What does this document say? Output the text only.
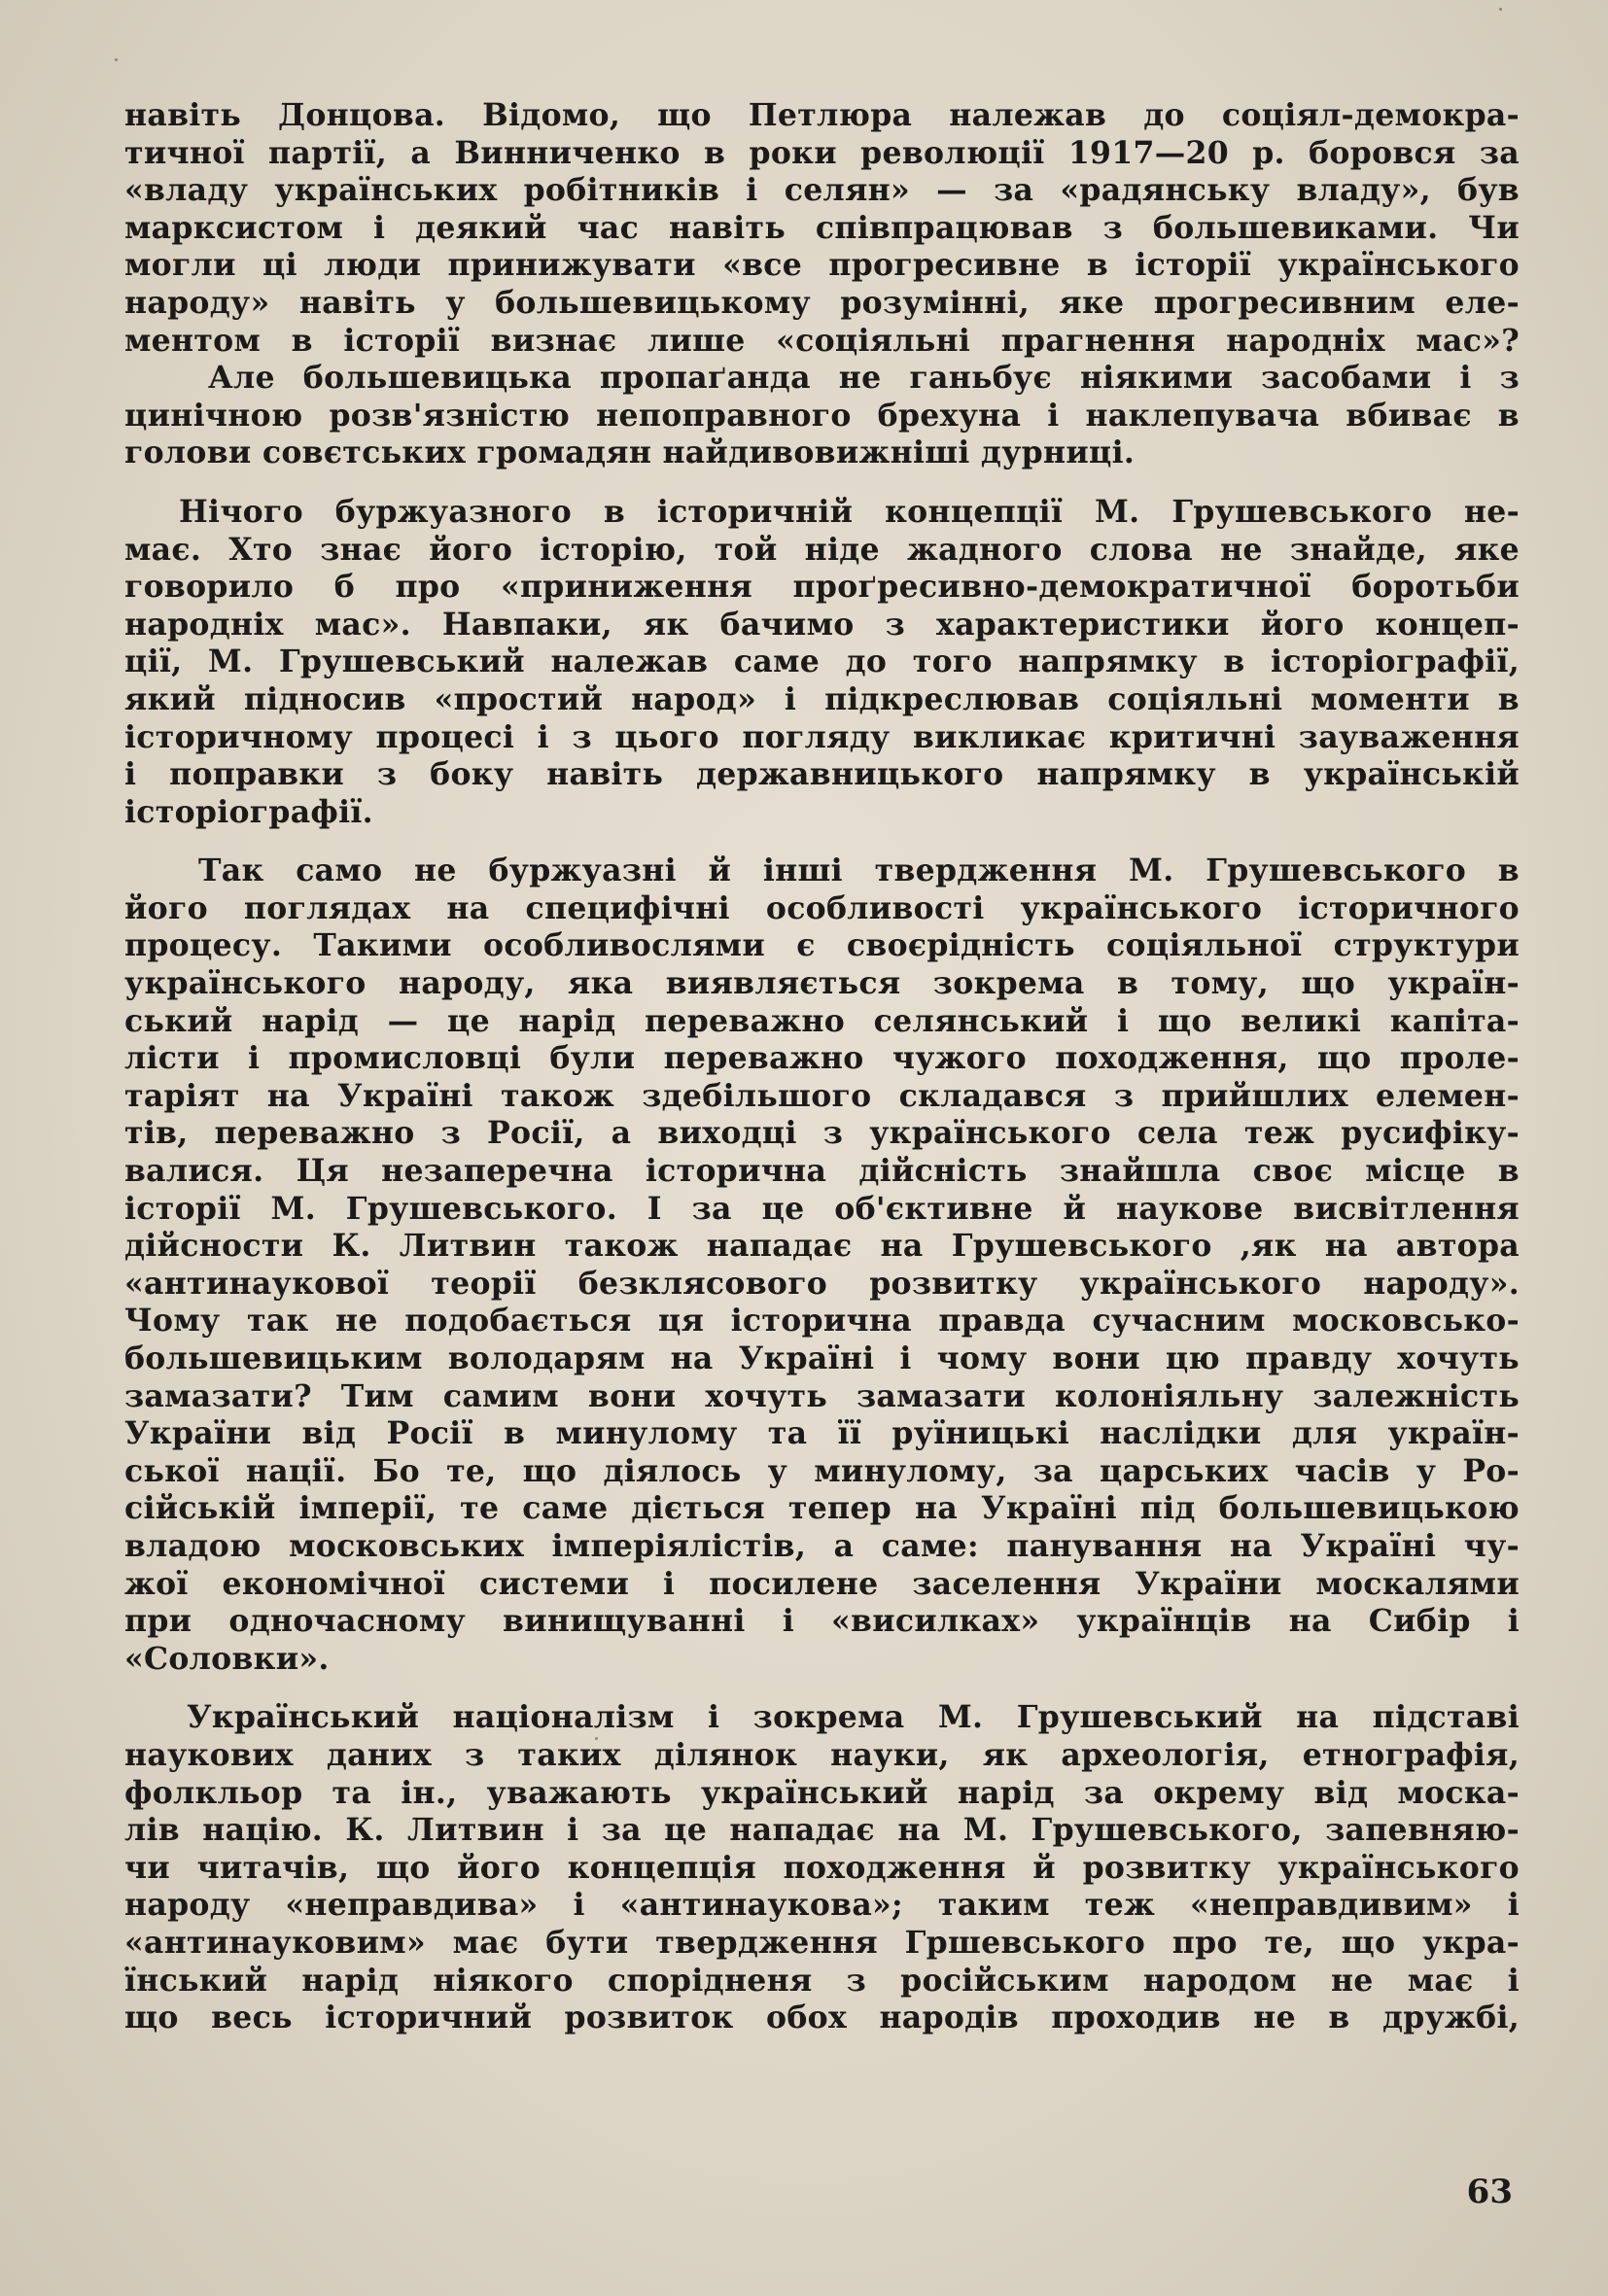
навіть Донцова. Відомо, що Петлюра належав до соціял-демокра-
тичної партії, а Винниченко в роки революції 1917—20 р. боровся за
«владу українських робітників і селян» — за «радянську владу», був
марксистом і деякий час навіть співпрацював з большевиками. Чи
могли ці люди принижувати «все прогресивне в історії українського
народу» навіть у большевицькому розумінні, яке прогресивним еле-
ментом в історії визнає лише «соціяльні прагнення народніх мас»?
Але большевицька пропаґанда не ганьбує ніякими засобами і з
цинічною розв'язністю непоправного брехуна і наклепувача вбиває в
голови совєтських громадян найдивовижніші дурниці.
Нічого буржуазного в історичній концепції М. Грушевського не-
має. Хто знає його історію, той ніде жадного слова не знайде, яке
говорило б про «приниження проґресивно-демократичної боротьби
народніх мас». Навпаки, як бачимо з характеристики його концеп-
ції, М. Грушевський належав саме до того напрямку в історіографії,
який підносив «простий народ» і підкреслював соціяльні моменти в
історичному процесі і з цього погляду викликає критичні зауваження
і поправки з боку навіть державницького напрямку в українській
історіографії.
Так само не буржуазні й інші твердження М. Грушевського в
його поглядах на специфічні особливості українського історичного
процесу. Такими особливослями є своєрідність соціяльної структури
українського народу, яка виявляється зокрема в тому, що україн-
ський нарід — це нарід переважно селянський і що великі капіта-
лісти і промисловці були переважно чужого походження, що проле-
таріят на Україні також здебільшого складався з прийшлих елемен-
тів, переважно з Росії, а виходці з українського села теж русифіку-
валися. Ця незаперечна історична дійсність знайшла своє місце в
історії М. Грушевського. І за це об'єктивне й наукове висвітлення
дійсности К. Литвин також нападає на Грушевського ,як на автора
«антинаукової теорії безклясового розвитку українського народу».
Чому так не подобається ця історична правда сучасним московсько-
большевицьким володарям на Україні і чому вони цю правду хочуть
замазати? Тим самим вони хочуть замазати колоніяльну залежність
України від Росії в минулому та її руїницькі наслідки для україн-
ської нації. Бо те, що діялось у минулому, за царських часів у Ро-
сійській імперії, те саме діється тепер на Україні під большевицькою
владою московських імперіялістів, а саме: панування на Україні чу-
жої економічної системи і посилене заселення України москалями
при одночасному винищуванні і «висилках» українців на Сибір і
«Соловки».
Український націоналізм і зокрема М. Грушевський на підставі
наукових даних з таких ділянок науки, як археологія, етнографія,
фолкльор та ін., уважають український нарід за окрему від моска-
лів націю. К. Литвин і за це нападає на М. Грушевського, запевняю-
чи читачів, що його концепція походження й розвитку українського
народу «неправдива» і «антинаукова»; таким теж «неправдивим» і
«антинауковим» має бути твердження Гршевського про те, що укра-
їнський нарід ніякого спорідненя з російським народом не має і
що весь історичний розвиток обох народів проходив не в дружбі,
63
